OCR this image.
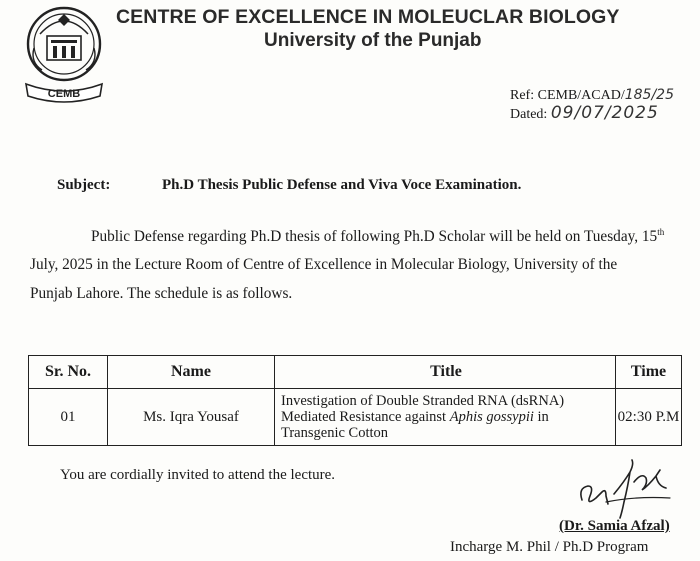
CEMB
CENTRE OF EXCELLENCE IN MOLEUCLAR BIOLOGY
University of the Punjab
Ref: CEMB/ACAD/185/25
Dated: 09/07/2025
Subject:	Ph.D Thesis Public Defense and Viva Voce Examination.
Public Defense regarding Ph.D thesis of following Ph.D Scholar will be held on Tuesday, 15th
July, 2025 in the Lecture Room of Centre of Excellence in Molecular Biology, University of the
Punjab Lahore. The schedule is as follows.
Sr. No.	Name	Title	Time
01	Ms. Iqra Yousaf	Investigation of Double Stranded RNA (dsRNA) Mediated Resistance against Aphis gossypii in Transgenic Cotton	02:30 P.M
You are cordially invited to attend the lecture.
(Dr. Samia Afzal)
Incharge M. Phil / Ph.D Program
